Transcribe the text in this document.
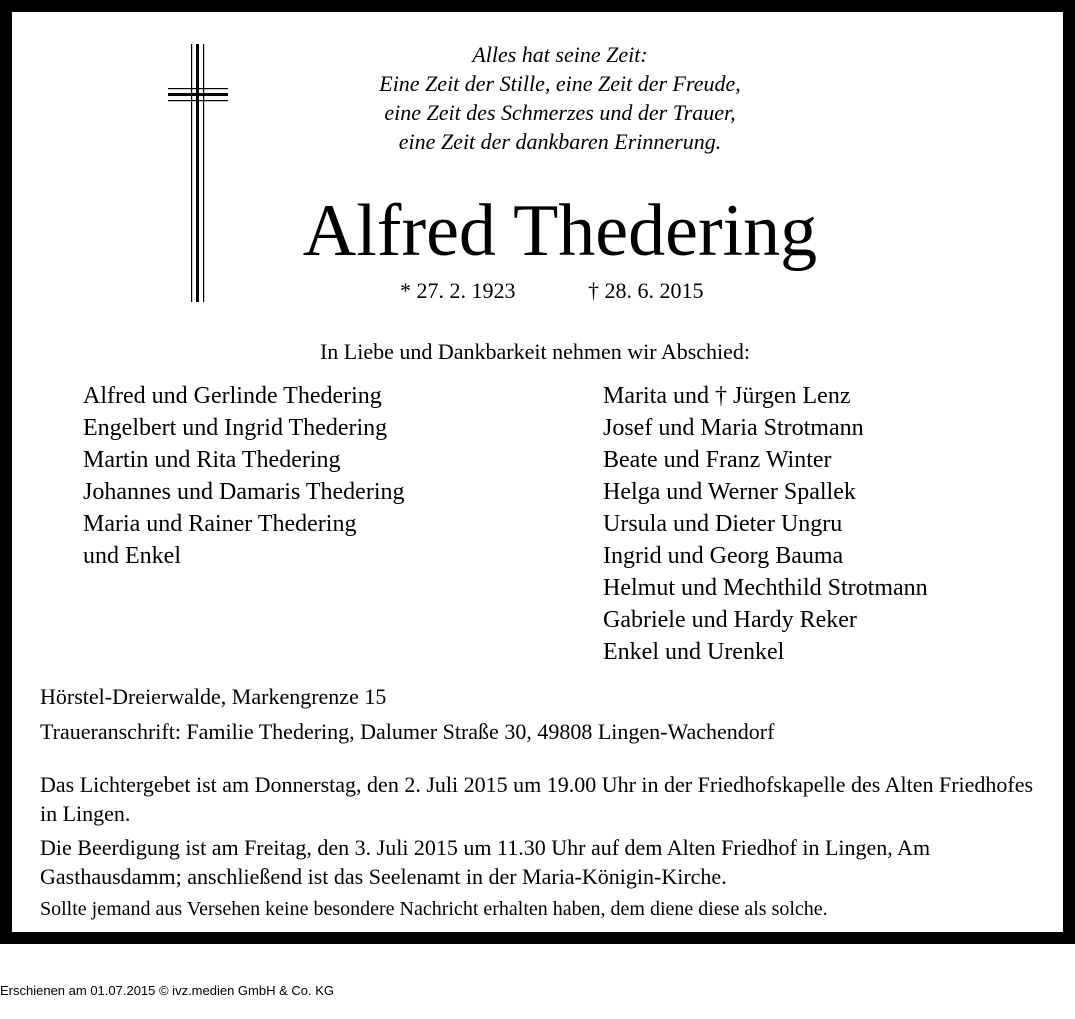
Alles hat seine Zeit:
Eine Zeit der Stille, eine Zeit der Freude,
eine Zeit des Schmerzes und der Trauer,
eine Zeit der dankbaren Erinnerung.
Alfred Thedering
* 27. 2. 1923	† 28. 6. 2015
In Liebe und Dankbarkeit nehmen wir Abschied:
Alfred und Gerlinde Thedering
Engelbert und Ingrid Thedering
Martin und Rita Thedering
Johannes und Damaris Thedering
Maria und Rainer Thedering
und Enkel
Marita und † Jürgen Lenz
Josef und Maria Strotmann
Beate und Franz Winter
Helga und Werner Spallek
Ursula und Dieter Ungru
Ingrid und Georg Bauma
Helmut und Mechthild Strotmann
Gabriele und Hardy Reker
Enkel und Urenkel
Hörstel-Dreierwalde, Markengrenze 15
Traueranschrift: Familie Thedering, Dalumer Straße 30, 49808 Lingen-Wachendorf
Das Lichtergebet ist am Donnerstag, den 2. Juli 2015 um 19.00 Uhr in der Friedhofskapelle des Alten Friedhofes in Lingen.
Die Beerdigung ist am Freitag, den 3. Juli 2015 um 11.30 Uhr auf dem Alten Friedhof in Lingen, Am Gasthausdamm; anschließend ist das Seelenamt in der Maria-Königin-Kirche.
Sollte jemand aus Versehen keine besondere Nachricht erhalten haben, dem diene diese als solche.
Erschienen am 01.07.2015 © ivz.medien GmbH & Co. KG
